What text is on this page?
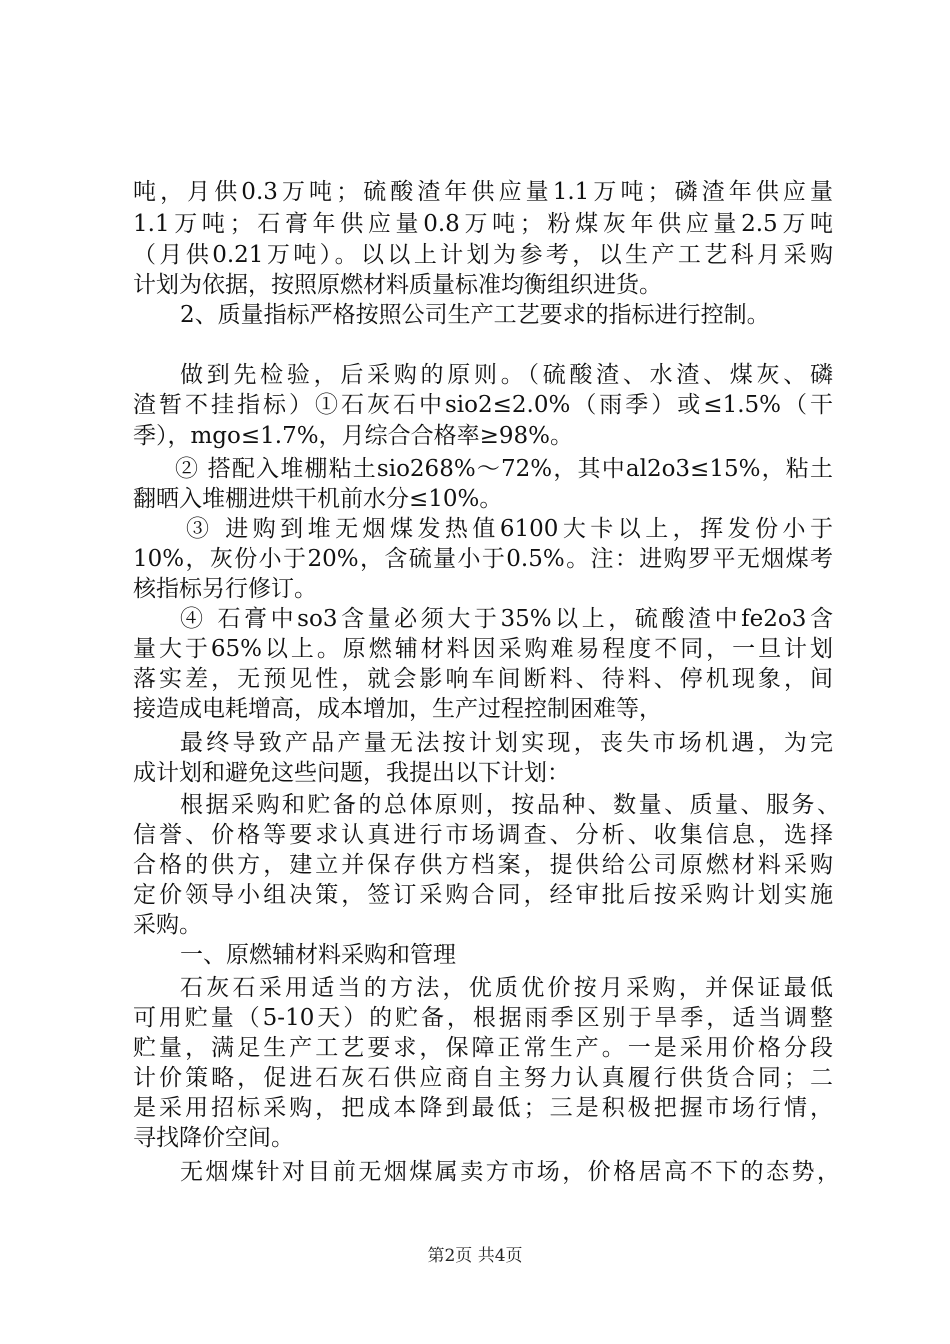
吨，月供0.3万吨；硫酸渣年供应量1.1万吨；磷渣年供应量
1.1万吨；石膏年供应量0.8万吨；粉煤灰年供应量2.5万吨
（月供0.21万吨）。以以上计划为参考，以生产工艺科月采购
计划为依据，按照原燃材料质量标准均衡组织进货。
2、质量指标严格按照公司生产工艺要求的指标进行控制。
做到先检验，后采购的原则。（硫酸渣、水渣、煤灰、磷
渣暂不挂指标）①石灰石中sio2≤2.0%（雨季）或≤1.5%（干
季），mgo≤1.7%，月综合合格率≥98%。
② 搭配入堆棚粘土sio268%～72%，其中al2o3≤15%，粘土
翻晒入堆棚进烘干机前水分≤10%。
③ 进购到堆无烟煤发热值6100大卡以上，挥发份小于
10%，灰份小于20%，含硫量小于0.5%。注：进购罗平无烟煤考
核指标另行修订。
④ 石膏中so3含量必须大于35%以上，硫酸渣中fe2o3含
量大于65%以上。原燃辅材料因采购难易程度不同，一旦计划
落实差，无预见性，就会影响车间断料、待料、停机现象，间
接造成电耗增高，成本增加，生产过程控制困难等，
最终导致产品产量无法按计划实现，丧失市场机遇，为完
成计划和避免这些问题，我提出以下计划：
根据采购和贮备的总体原则，按品种、数量、质量、服务、
信誉、价格等要求认真进行市场调查、分析、收集信息，选择
合格的供方，建立并保存供方档案，提供给公司原燃材料采购
定价领导小组决策，签订采购合同，经审批后按采购计划实施
采购。
一、原燃辅材料采购和管理
石灰石采用适当的方法，优质优价按月采购，并保证最低
可用贮量（5-10天）的贮备，根据雨季区别于旱季，适当调整
贮量，满足生产工艺要求，保障正常生产。一是采用价格分段
计价策略，促进石灰石供应商自主努力认真履行供货合同；二
是采用招标采购，把成本降到最低；三是积极把握市场行情，
寻找降价空间。
无烟煤针对目前无烟煤属卖方市场，价格居高不下的态势，
第2页 共4页
